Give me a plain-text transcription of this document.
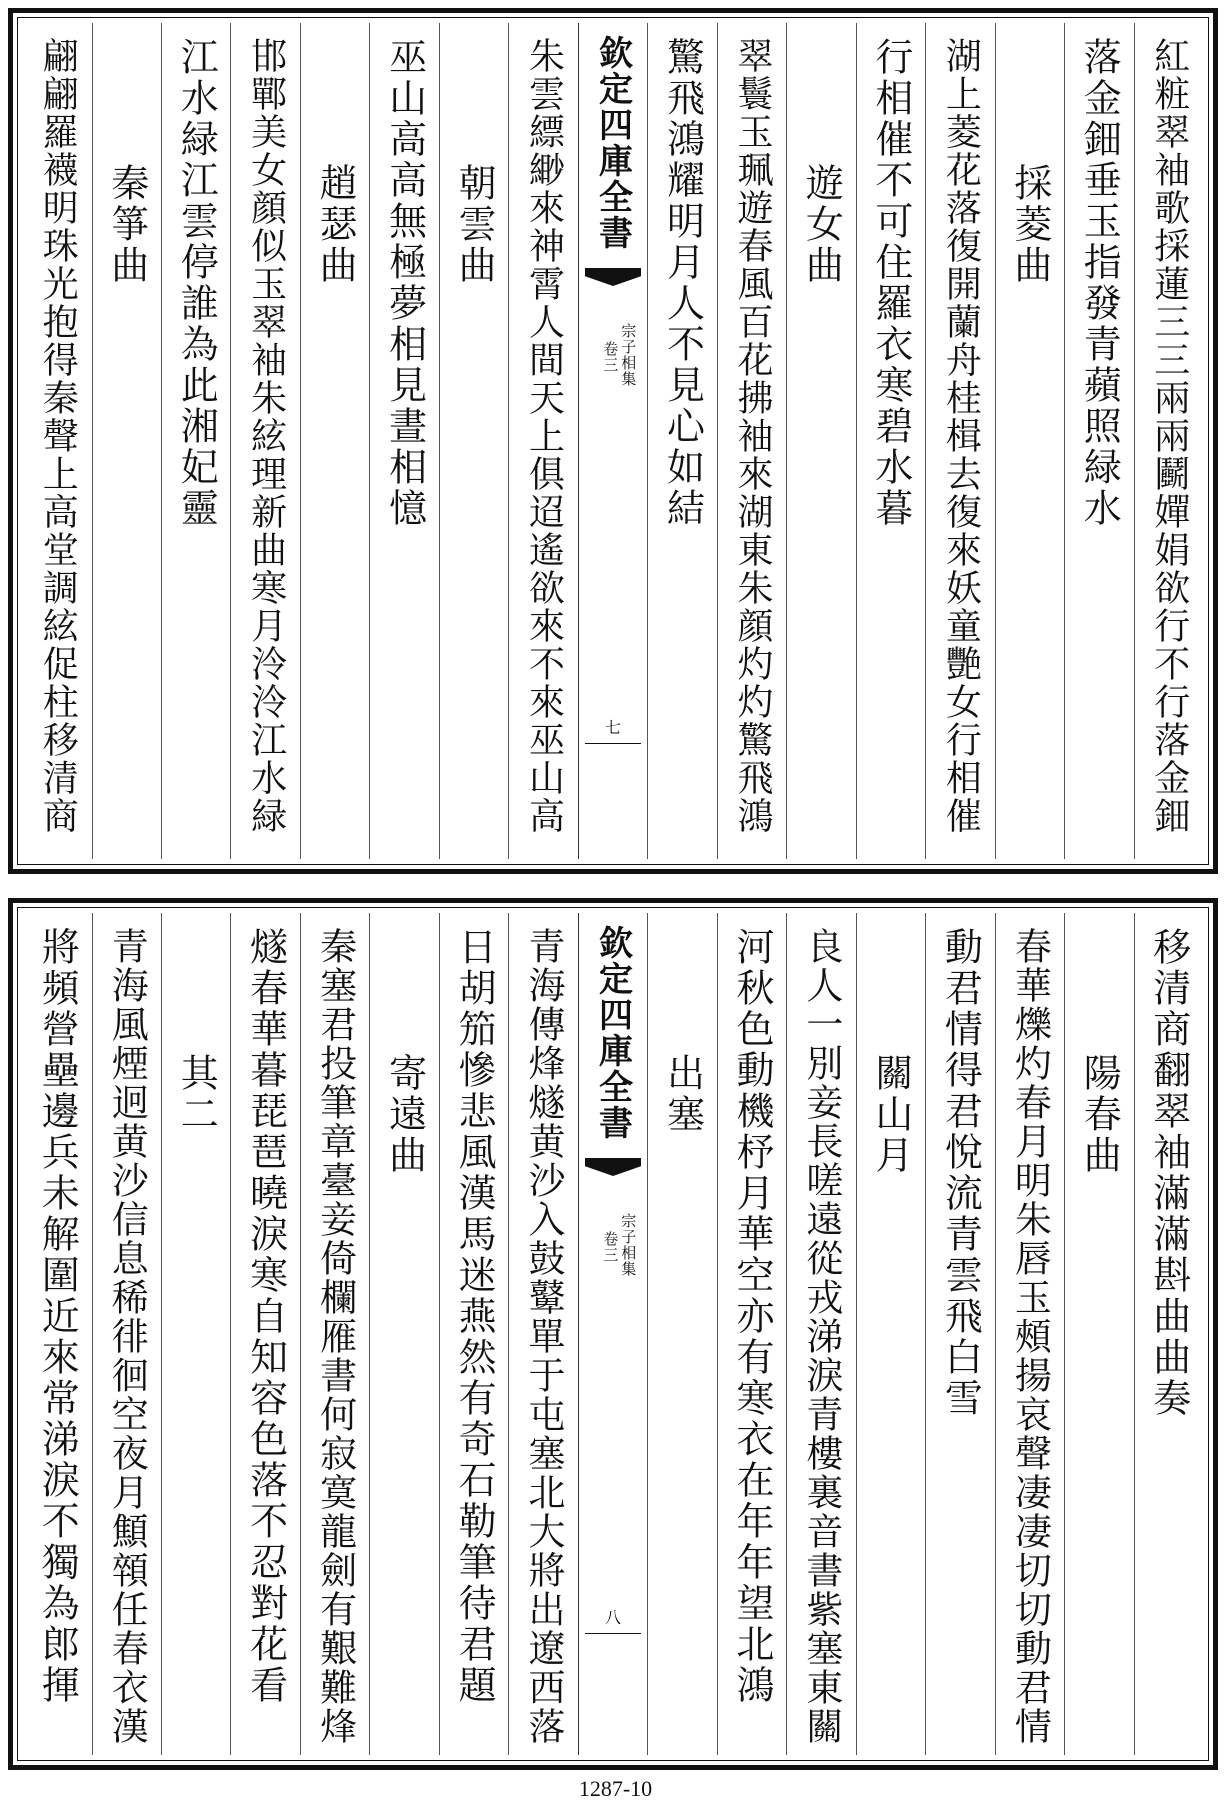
紅粧翠袖歌採蓮三三兩兩鬬嬋娟欲行不行落金鈿
落金鈿垂玉指發青蘋照緑水
採菱曲
湖上菱花落復開蘭舟桂楫去復來妖童艷女行相催
行相催不可住羅衣寒碧水暮
遊女曲
翠鬟玉珮遊春風百花拂袖來湖東朱顔灼灼驚飛鴻
驚飛鴻耀明月人不見心如結
欽定四庫全書
宗子相集
卷三
七
朱雲縹緲來神霄人間天上俱迢遙欲來不來巫山高
朝雲曲
巫山高高無極夢相見晝相憶
趙瑟曲
邯鄲美女顔似玉翠袖朱絃理新曲寒月泠泠江水緑
江水緑江雲停誰為此湘妃靈
秦箏曲
翩翩羅襪明珠光抱得秦聲上高堂調絃促柱移清商
移清商翻翠袖滿滿斟曲曲奏
陽春曲
春華爍灼春月明朱唇玉頰揚哀聲凄凄切切動君情
動君情得君悅流青雲飛白雪
關山月
良人一別妾長嗟遠從戎涕淚青樓裏音書紫塞東關
河秋色動機杼月華空亦有寒衣在年年望北鴻
出塞
欽定四庫全書
宗子相集
卷三
八
青海傳烽燧黄沙入鼓鼙單于屯塞北大將出遼西落
日胡笳慘悲風漢馬迷燕然有奇石勒筆待君題
寄遠曲
秦塞君投筆章臺妾倚欄雁書何寂寞龍劍有艱難烽
燧春華暮琵琶曉淚寒自知容色落不忍對花看
其二
青海風煙迥黄沙信息稀徘徊空夜月顦顇任春衣漢
將頻營壘邊兵未解圍近來常涕淚不獨為郎揮
1287-10
